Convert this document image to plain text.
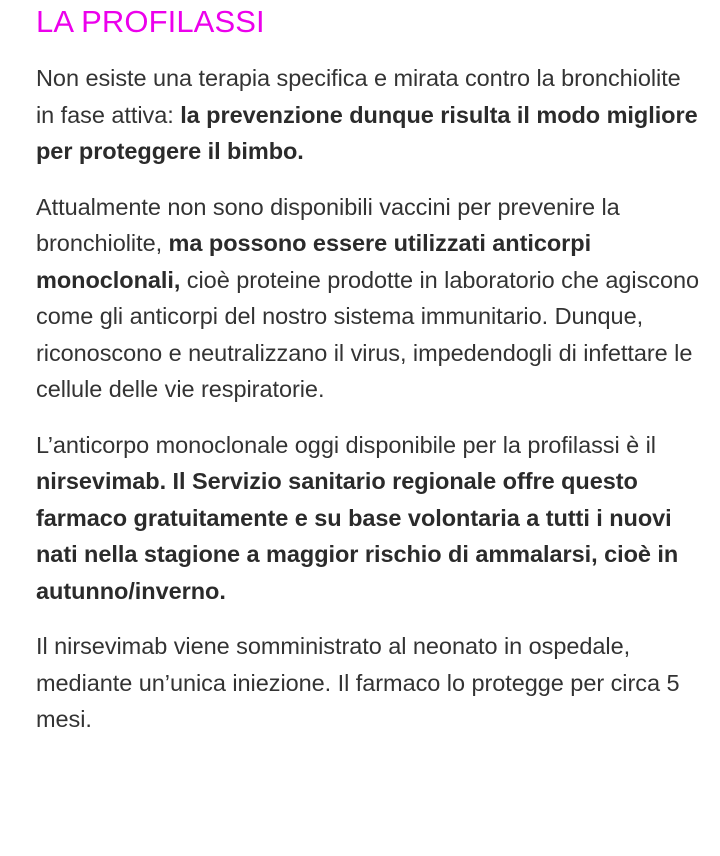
LA PROFILASSI

Non esiste una terapia specifica e mirata contro la bronchiolite in fase attiva: la prevenzione dunque risulta il modo migliore per proteggere il bimbo.

Attualmente non sono disponibili vaccini per prevenire la bronchiolite, ma possono essere utilizzati anticorpi monoclonali, cioè proteine prodotte in laboratorio che agiscono come gli anticorpi del nostro sistema immunitario. Dunque, riconoscono e neutralizzano il virus, impedendogli di infettare le cellule delle vie respiratorie.

L’anticorpo monoclonale oggi disponibile per la profilassi è il nirsevimab. Il Servizio sanitario regionale offre questo farmaco gratuitamente e su base volontaria a tutti i nuovi nati nella stagione a maggior rischio di ammalarsi, cioè in autunno/inverno.

Il nirsevimab viene somministrato al neonato in ospedale, mediante un’unica iniezione. Il farmaco lo protegge per circa 5 mesi.
